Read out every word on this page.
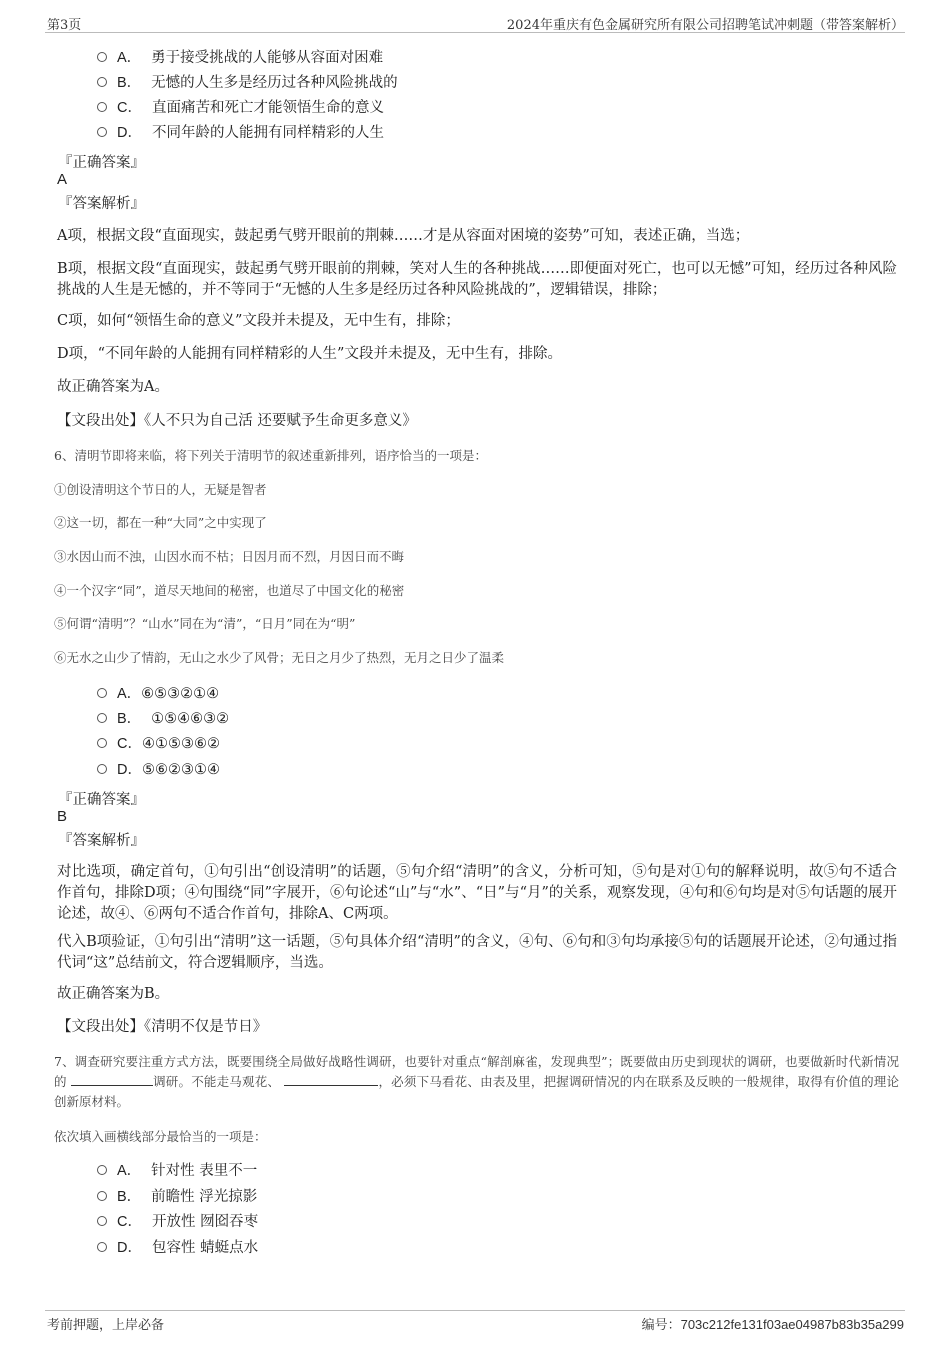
第3页	2024年重庆有色金属研究所有限公司招聘笔试冲刺题（带答案解析）
A． 勇于接受挑战的人能够从容面对困难
B． 无憾的人生多是经历过各种风险挑战的
C． 直面痛苦和死亡才能领悟生命的意义
D． 不同年龄的人能拥有同样精彩的人生
『正确答案』
A
『答案解析』
A项，根据文段“直面现实，鼓起勇气劈开眼前的荆棘……才是从容面对困境的姿势”可知，表述正确，当选；
B项，根据文段“直面现实，鼓起勇气劈开眼前的荆棘，笑对人生的各种挑战……即便面对死亡，也可以无憾”可知，经历过各种风险挑战的人生是无憾的，并不等同于“无憾的人生多是经历过各种风险挑战的”，逻辑错误，排除；
C项，如何“领悟生命的意义”文段并未提及，无中生有，排除；
D项，“不同年龄的人能拥有同样精彩的人生”文段并未提及，无中生有，排除。
故正确答案为A。
【文段出处】《人不只为自己活 还要赋予生命更多意义》
6、清明节即将来临，将下列关于清明节的叙述重新排列，语序恰当的一项是：
①创设清明这个节日的人，无疑是智者
②这一切，都在一种“大同”之中实现了
③水因山而不浊，山因水而不枯；日因月而不烈，月因日而不晦
④一个汉字“同”，道尽天地间的秘密，也道尽了中国文化的秘密
⑤何谓“清明”？“山水”同在为“清”，“日月”同在为“明”
⑥无水之山少了情韵，无山之水少了风骨；无日之月少了热烈，无月之日少了温柔
A．⑥⑤③②①④
B． ①⑤④⑥③②
C．④①⑤③⑥②
D．⑤⑥②③①④
『正确答案』
B
『答案解析』
对比选项，确定首句，①句引出“创设清明”的话题，⑤句介绍“清明”的含义，分析可知，⑤句是对①句的解释说明，故⑤句不适合作首句，排除D项；④句围绕“同”字展开，⑥句论述“山”与“水”、“日”与“月”的关系，观察发现，④句和⑥句均是对⑤句话题的展开论述，故④、⑥两句不适合作首句，排除A、C两项。
代入B项验证，①句引出“清明”这一话题，⑤句具体介绍“清明”的含义，④句、⑥句和③句均承接⑤句的话题展开论述，②句通过指代词“这”总结前文，符合逻辑顺序，当选。
故正确答案为B。
【文段出处】《清明不仅是节日》
7、调查研究要注重方式方法，既要围绕全局做好战略性调研，也要针对重点“解剖麻雀，发现典型”；既要做由历史到现状的调研，也要做新时代新情况的	调研。不能走马观花、	，必须下马看花、由表及里，把握调研情况的内在联系及反映的一般规律，取得有价值的理论创新原材料。
依次填入画横线部分最恰当的一项是：
A． 针对性 表里不一
B． 前瞻性 浮光掠影
C． 开放性 囫囵吞枣
D． 包容性 蜻蜓点水
考前押题，上岸必备	编号：703c212fe131f03ae04987b83b35a299
